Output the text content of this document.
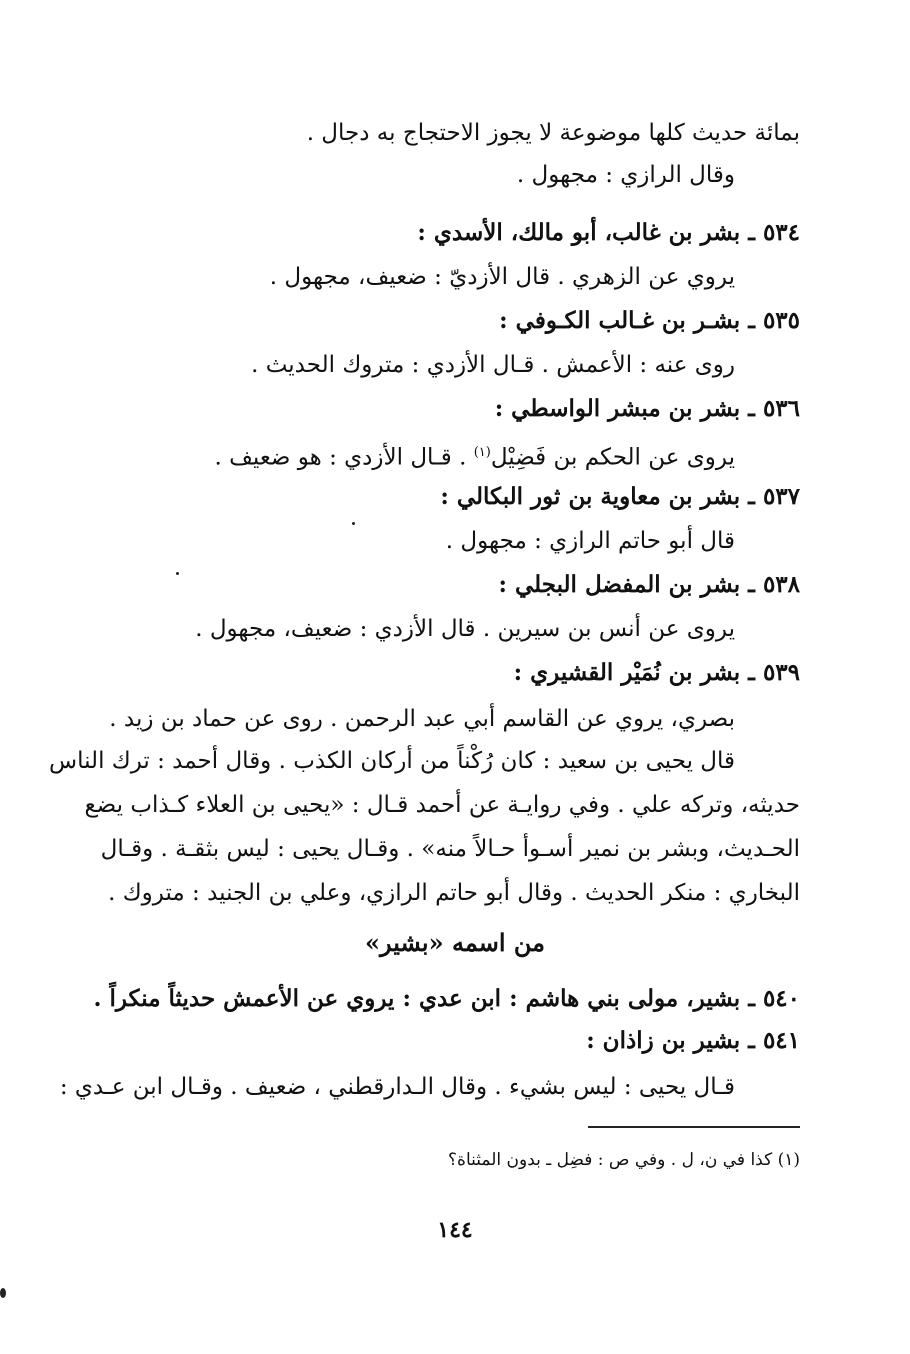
بمائة حديث كلها موضوعة لا يجوز الاحتجاج به دجال .
وقال الرازي : مجهول .
٥٣٤ ـ بشر بن غالب، أبو مالك، الأسدي :
يروي عن الزهري . قال الأزديّ : ضعيف، مجهول .
٥٣٥ ـ بشـر بن غـالب الكـوفي :
روى عنه : الأعمش . قـال الأزدي : متروك الحديث .
٥٣٦ ـ بشر بن مبشر الواسطي :
يروى عن الحكم بن فَضِيْل$^{(١)}$ . قـال الأزدي : هو ضعيف .
٥٣٧ ـ بشر بن معاوية بن ثور البكالي :
قال أبو حاتم الرازي : مجهول .
٥٣٨ ـ بشر بن المفضل البجلي :
يروى عن أنس بن سيرين . قال الأزدي : ضعيف، مجهول .
٥٣٩ ـ بشر بن نُمَيْر القشيري :
بصري، يروي عن القاسم أبي عبد الرحمن . روى عن حماد بن زيد .
قال يحيى بن سعيد : كان رُكْناً من أركان الكذب . وقال أحمد : ترك الناس
حديثه، وتركه علي . وفي روايـة عن أحمد قـال : «يحيى بن العلاء كـذاب يضع
الحـديث، وبشر بن نمير أسـوأ حـالاً منه» . وقـال يحيى : ليس بثقـة . وقـال
البخاري : منكر الحديث . وقال أبو حاتم الرازي، وعلي بن الجنيد : متروك .
من اسمه «بشير»
٥٤٠ ـ بشير، مولى بني هاشم : ابن عدي : يروي عن الأعمش حديثاً منكراً .
٥٤١ ـ بشير بن زاذان :
قـال يحيى : ليس بشيء . وقال الـدارقطني ، ضعيف . وقـال ابن عـدي :
(١) كذا في ن، ل . وفي ص : فضِل ـ بدون المثناة؟
١٤٤
